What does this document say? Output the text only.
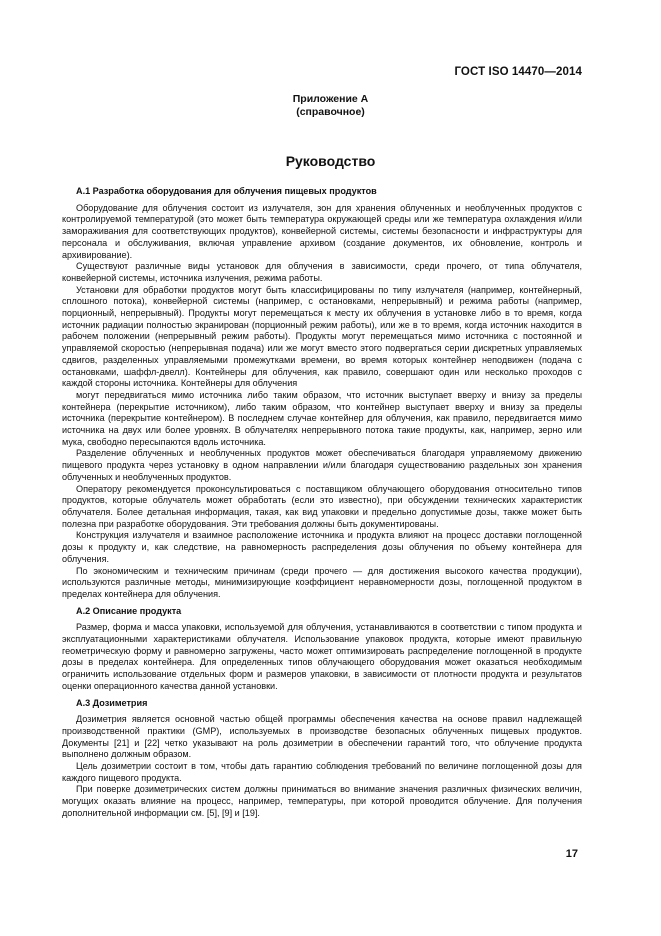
ГОСТ ISO 14470—2014
Приложение А
(справочное)
Руководство
А.1 Разработка оборудования для облучения пищевых продуктов

Оборудование для облучения состоит из излучателя, зон для хранения облученных и необлученных продуктов с контролируемой температурой (это может быть температура окружающей среды или же температура охлаждения и/или замораживания для соответствующих продуктов), конвейерной системы, системы безопасности и инфраструктуры для персонала и обслуживания, включая управление архивом (создание документов, их обновление, контроль и архивирование).

Существуют различные виды установок для облучения в зависимости, среди прочего, от типа облучателя, конвейерной системы, источника излучения, режима работы.

Установки для обработки продуктов могут быть классифицированы по типу излучателя (например, контейнерный, сплошного потока), конвейерной системы (например, с остановками, непрерывный) и режима работы (например, порционный, непрерывный). Продукты могут перемещаться к месту их облучения в установке либо в то время, когда источник радиации полностью экранирован (порционный режим работы), или же в то время, когда источник находится в рабочем положении (непрерывный режим работы). Продукты могут перемещаться мимо источника с постоянной и управляемой скоростью (непрерывная подача) или же могут вместо этого подвергаться серии дискретных управляемых сдвигов, разделенных управляемыми промежутками времени, во время которых контейнер неподвижен (подача с остановками, шаффл-двелл). Контейнеры для облучения, как правило, совершают один или несколько проходов с каждой стороны источника. Контейнеры для облучения

могут передвигаться мимо источника либо таким образом, что источник выступает вверху и внизу за пределы контейнера (перекрытие источником), либо таким образом, что контейнер выступает вверху и внизу за пределы источника (перекрытие контейнером). В последнем случае контейнер для облучения, как правило, передвигается мимо источника на двух или более уровнях. В облучателях непрерывного потока такие продукты, как, например, зерно или мука, свободно пересыпаются вдоль источника.

Разделение облученных и необлученных продуктов может обеспечиваться благодаря управляемому движению пищевого продукта через установку в одном направлении и/или благодаря существованию раздельных зон хранения облученных и необлученных продуктов.

Оператору рекомендуется проконсультироваться с поставщиком облучающего оборудования относительно типов продуктов, которые облучатель может обработать (если это известно), при обсуждении технических характеристик облучателя. Более детальная информация, такая, как вид упаковки и предельно допустимые дозы, также может быть полезна при разработке оборудования. Эти требования должны быть документированы.

Конструкция излучателя и взаимное расположение источника и продукта влияют на процесс доставки поглощенной дозы к продукту и, как следствие, на равномерность распределения дозы облучения по объему контейнера для облучения.

По экономическим и техническим причинам (среди прочего — для достижения высокого качества продукции), используются различные методы, минимизирующие коэффициент неравномерности дозы, поглощенной продуктом в пределах контейнера для облучения.

А.2 Описание продукта

Размер, форма и масса упаковки, используемой для облучения, устанавливаются в соответствии с типом продукта и эксплуатационными характеристиками облучателя. Использование упаковок продукта, которые имеют правильную геометрическую форму и равномерно загружены, часто может оптимизировать распределение поглощенной в продукте дозы в пределах контейнера. Для определенных типов облучающего оборудования может оказаться необходимым ограничить использование отдельных форм и размеров упаковки, в зависимости от плотности продукта и результатов оценки операционного качества данной установки.

А.3 Дозиметрия

Дозиметрия является основной частью общей программы обеспечения качества на основе правил надлежащей производственной практики (GMP), используемых в производстве безопасных облученных пищевых продуктов. Документы [21] и [22] четко указывают на роль дозиметрии в обеспечении гарантий того, что облучение продукта выполнено должным образом.

Цель дозиметрии состоит в том, чтобы дать гарантию соблюдения требований по величине поглощенной дозы для каждого пищевого продукта.

При поверке дозиметрических систем должны приниматься во внимание значения различных физических величин, могущих оказать влияние на процесс, например, температуры, при которой проводится облучение. Для получения дополнительной информации см. [5], [9] и [19].

17
